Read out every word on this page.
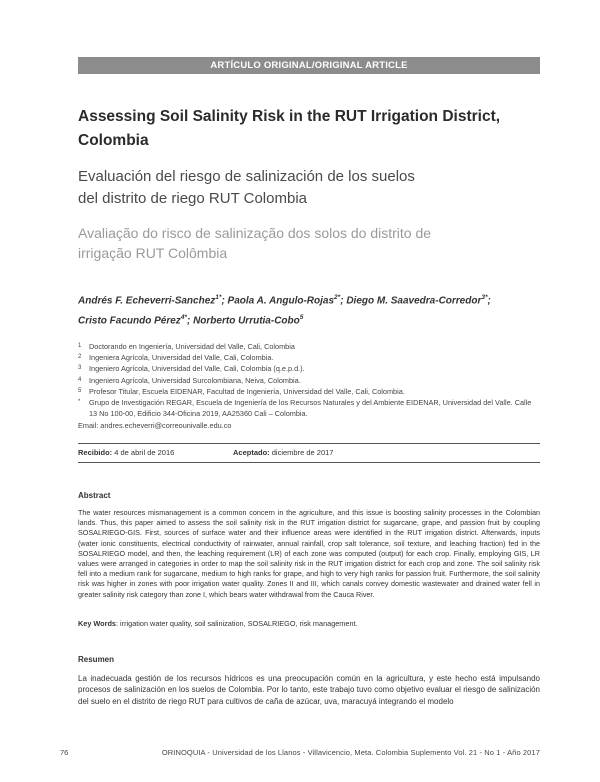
ARTÍCULO ORIGINAL/ORIGINAL ARTICLE
Assessing Soil Salinity Risk in the RUT Irrigation District, Colombia
Evaluación del riesgo de salinización de los suelos del distrito de riego RUT Colombia
Avaliação do risco de salinização dos solos do distrito de irrigação RUT Colômbia
Andrés F. Echeverri-Sanchez$^{1*}$; Paola A. Angulo-Rojas$^{2*}$; Diego M. Saavedra-Corredor$^{3*}$;
Cristo Facundo Pérez$^{4*}$; Norberto Urrutia-Cobo$^5$
1	Doctorando en Ingeniería, Universidad del Valle, Cali, Colombia
2	Ingeniera Agrícola, Universidad del Valle, Cali, Colombia.
3	Ingeniero Agrícola, Universidad del Valle, Cali, Colombia (q.e.p.d.).
4	Ingeniero Agrícola, Universidad Surcolombiana, Neiva, Colombia.
5	Profesor Titular, Escuela EIDENAR, Facultad de Ingeniería, Universidad del Valle, Cali, Colombia.
*	Grupo de Investigación REGAR, Escuela de Ingeniería de los Recursos Naturales y del Ambiente EIDENAR, Universidad del Valle. Calle 13 No 100-00, Edificio 344-Oficina 2019, AA25360 Cali – Colombia.
Email: andres.echeverri@correounivalle.edu.co
Recibido: 4 de abril de 2016	Aceptado: diciembre de 2017
Abstract
The water resources mismanagement is a common concern in the agriculture, and this issue is boosting salinity processes in the Colombian lands. Thus, this paper aimed to assess the soil salinity risk in the RUT irrigation district for sugarcane, grape, and passion fruit by coupling SOSALRIEGO-GIS. First, sources of surface water and their influence areas were identified in the RUT irrigation district. Afterwards, inputs (water ionic constituents, electrical conductivity of rainwater, annual rainfall, crop salt tolerance, soil texture, and leaching fraction) fed in the SOSALRIEGO model, and then, the leaching requirement (LR) of each zone was computed (output) for each crop. Finally, employing GIS, LR values were arranged in categories in order to map the soil salinity risk in the RUT irrigation district for each crop and zone. The soil salinity risk fell into a medium rank for sugarcane, medium to high ranks for grape, and high to very high ranks for passion fruit. Furthermore, the soil salinity risk was higher in zones with poor irrigation water quality. Zones II and III, which canals convey domestic wastewater and drained water fell in greater salinity risk category than zone I, which bears water withdrawal from the Cauca River.
Key Words: irrigation water quality, soil salinization, SOSALRIEGO, risk management.
Resumen
La inadecuada gestión de los recursos hídricos es una preocupación común en la agricultura, y este hecho está impulsando procesos de salinización en los suelos de Colombia. Por lo tanto, este trabajo tuvo como objetivo evaluar el riesgo de salinización del suelo en el distrito de riego RUT para cultivos de caña de azúcar, uva, maracuyá integrando el modelo
76	ORINOQUIA - Universidad de los Llanos - Villavicencio, Meta. Colombia Suplemento Vol. 21 - No 1 - Año 2017
